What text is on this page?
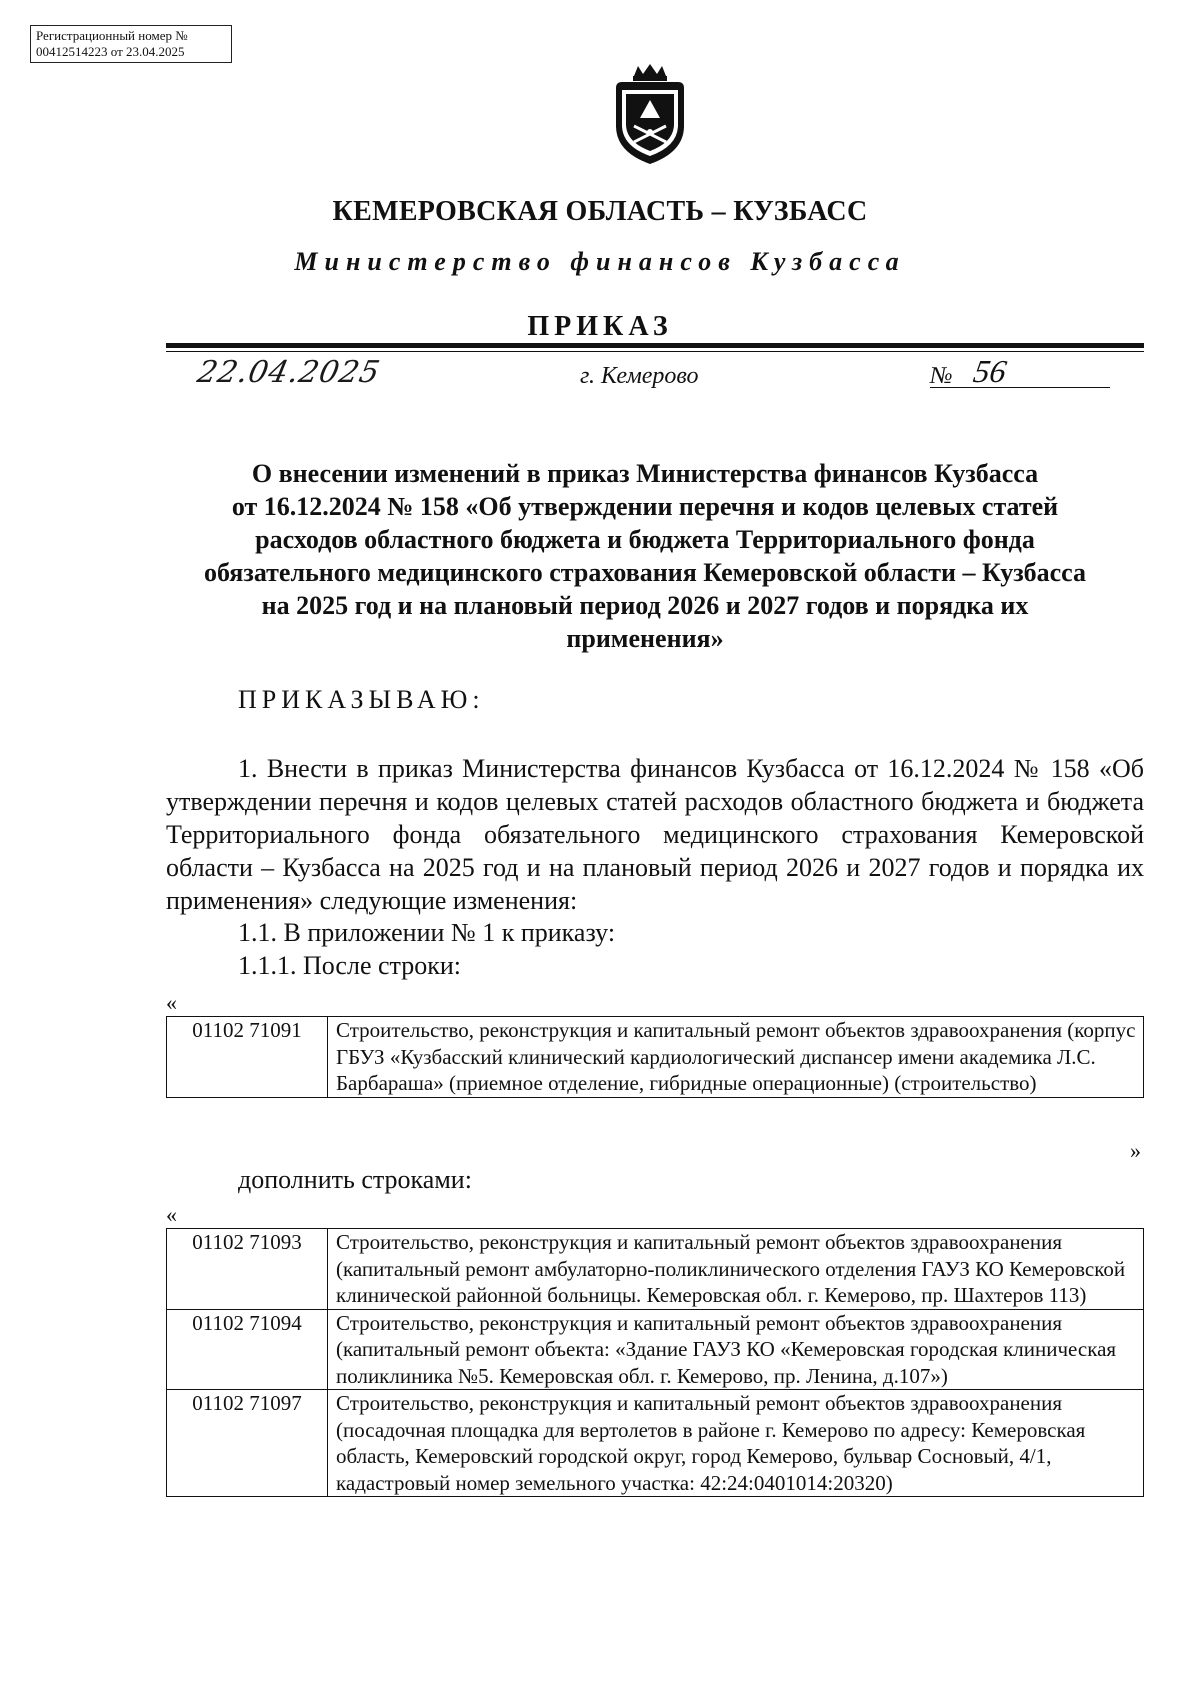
Регистрационный номер №
00412514223 от 23.04.2025
КЕМЕРОВСКАЯ ОБЛАСТЬ – КУЗБАСС
Министерство финансов Кузбасса
ПРИКАЗ
22.04.2025	г. Кемерово	№ 56
О внесении изменений в приказ Министерства финансов Кузбасса
от 16.12.2024 № 158 «Об утверждении перечня и кодов целевых статей
расходов областного бюджета и бюджета Территориального фонда
обязательного медицинского страхования Кемеровской области – Кузбасса
на 2025 год и на плановый период 2026 и 2027 годов и порядка их
применения»
ПРИКАЗЫВАЮ:
1. Внести в приказ Министерства финансов Кузбасса от 16.12.2024 № 158 «Об утверждении перечня и кодов целевых статей расходов областного бюджета и бюджета Территориального фонда обязательного медицинского страхования Кемеровской области – Кузбасса на 2025 год и на плановый период 2026 и 2027 годов и порядка их применения» следующие изменения:
1.1. В приложении № 1 к приказу:
1.1.1. После строки:
«
01102 71091	Строительство, реконструкция и капитальный ремонт объектов здравоохранения (корпус ГБУЗ «Кузбасский клинический кардиологический диспансер имени академика Л.С. Барбараша» (приемное отделение, гибридные операционные) (строительство)
»
дополнить строками:
«
01102 71093	Строительство, реконструкция и капитальный ремонт объектов здравоохранения (капитальный ремонт амбулаторно-поликлинического отделения ГАУЗ КО Кемеровской клинической районной больницы. Кемеровская обл. г. Кемерово, пр. Шахтеров 113)
01102 71094	Строительство, реконструкция и капитальный ремонт объектов здравоохранения (капитальный ремонт объекта: «Здание ГАУЗ КО «Кемеровская городская клиническая поликлиника №5. Кемеровская обл. г. Кемерово, пр. Ленина, д.107»)
01102 71097	Строительство, реконструкция и капитальный ремонт объектов здравоохранения (посадочная площадка для вертолетов в районе г. Кемерово по адресу: Кемеровская область, Кемеровский городской округ, город Кемерово, бульвар Сосновый, 4/1, кадастровый номер земельного участка: 42:24:0401014:20320)
